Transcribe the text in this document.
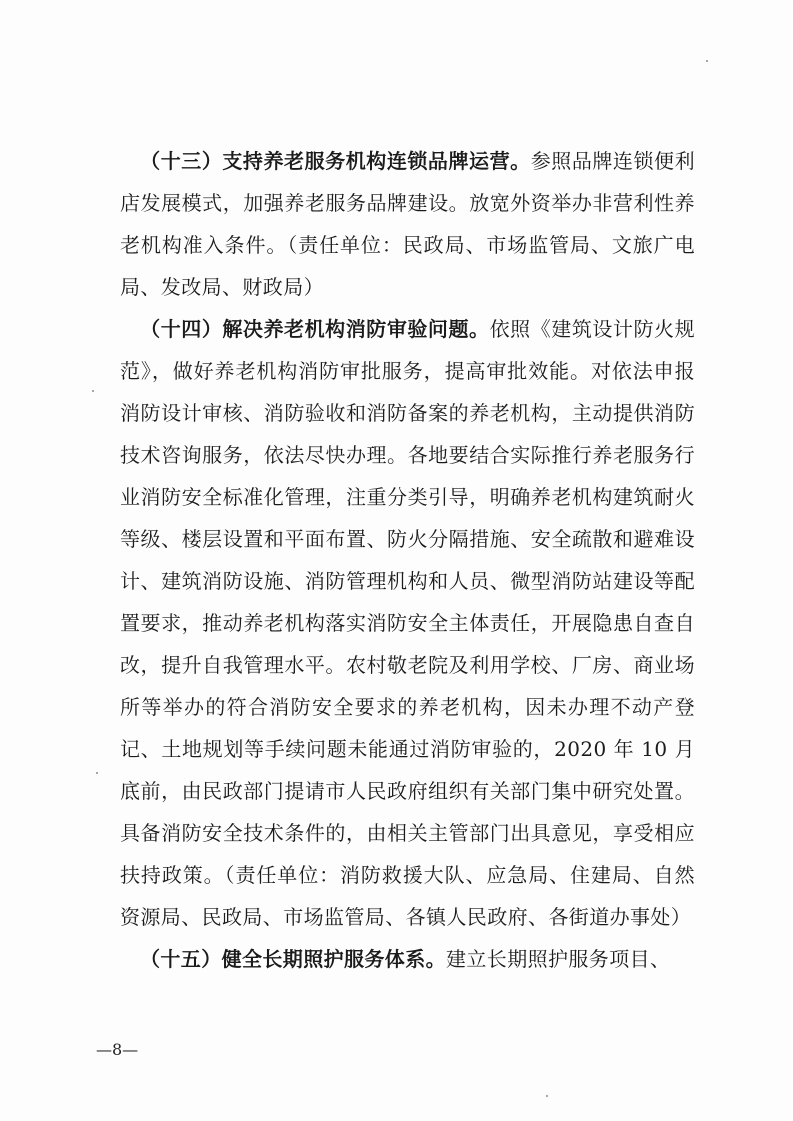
（十三）支持养老服务机构连锁品牌运营。参照品牌连锁便利店发展模式，加强养老服务品牌建设。放宽外资举办非营利性养老机构准入条件。（责任单位：民政局、市场监管局、文旅广电局、发改局、财政局）

（十四）解决养老机构消防审验问题。依照《建筑设计防火规范》，做好养老机构消防审批服务，提高审批效能。对依法申报消防设计审核、消防验收和消防备案的养老机构，主动提供消防技术咨询服务，依法尽快办理。各地要结合实际推行养老服务行业消防安全标准化管理，注重分类引导，明确养老机构建筑耐火等级、楼层设置和平面布置、防火分隔措施、安全疏散和避难设计、建筑消防设施、消防管理机构和人员、微型消防站建设等配置要求，推动养老机构落实消防安全主体责任，开展隐患自查自改，提升自我管理水平。农村敬老院及利用学校、厂房、商业场所等举办的符合消防安全要求的养老机构，因未办理不动产登记、土地规划等手续问题未能通过消防审验的，2020 年 10 月底前，由民政部门提请市人民政府组织有关部门集中研究处置。具备消防安全技术条件的，由相关主管部门出具意见，享受相应扶持政策。（责任单位：消防救援大队、应急局、住建局、自然资源局、民政局、市场监管局、各镇人民政府、各街道办事处）

（十五）健全长期照护服务体系。建立长期照护服务项目、

—8—
